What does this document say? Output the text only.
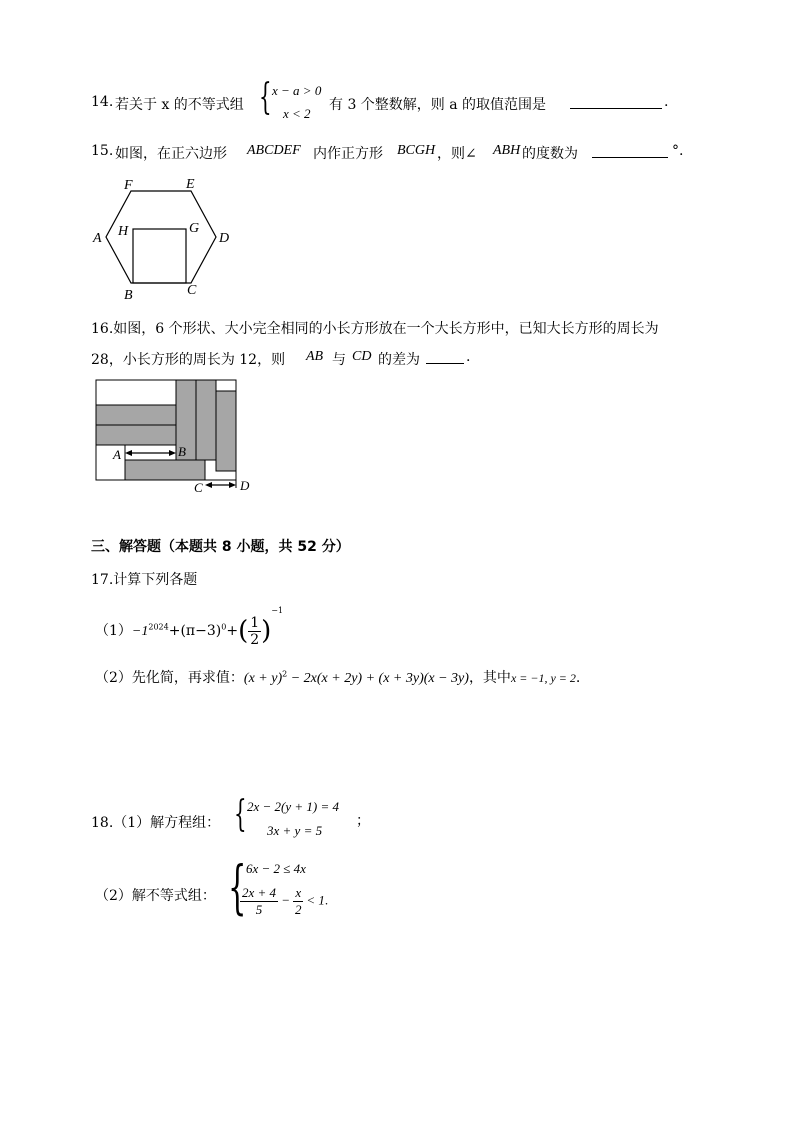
14. 若关于 x 的不等式组 { x − a > 0
x < 2
有 3 个整数解，则 a 的取值范围是	.
15. 如图，在正六边形 ABCDEF 内作正方形 BCGH ，则∠ ABH 的度数为	°.
F	E
A H	G
D
B	C
16.如图，6 个形状、大小完全相同的小长方形放在一个大长方形中，已知大长方形的周长为
28，小长方形的周长为 12，则 AB 与 CD 的差为	.
A	B
C	D
三、解答题（本题共 8 小题，共 52 分）
17.计算下列各题
$(1)-1^{2024}+(\pi-3)^0+( \frac{1}{2} )^{-1}$
（2）先化简，再求值：$(x + y)^2 - 2x(x + 2y) + (x + 3y)(x - 3y)$，其中x = −1, y = 2.
18.（1）解方程组： { 2x − 2(y + 1) = 4
3x + y = 5
；
（2）解不等式组： { 6x − 2 ≤ 4x
$\frac{2x + 4}{5} - \frac{x}{2} < 1$.
